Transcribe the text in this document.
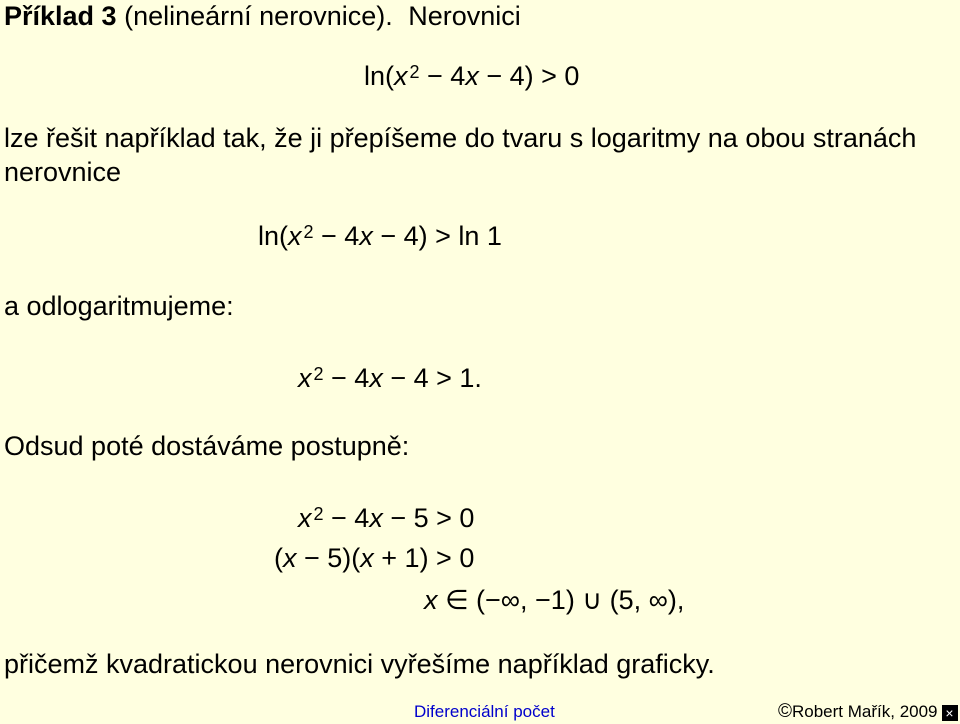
Příklad 3 (nelineární nerovnice). Nerovnici
ln(x $^2$ − 4x − 4) > 0
lze řešit například tak, že ji přepíšeme do tvaru s logaritmy na obou stranách
nerovnice
ln(x $^2$ − 4x − 4) > ln 1
a odlogaritmujeme:
x $^2$ − 4x − 4 > 1.
Odsud poté dostáváme postupně:
x $^2$ − 4x − 5 > 0
(x − 5)(x + 1) > 0
x ∈ (−∞, −1) ∪ (5, ∞),
přičemž kvadratickou nerovnici vyřešíme například graficky.
Diferenciální počet	©Robert Mařík, 2009 ×
